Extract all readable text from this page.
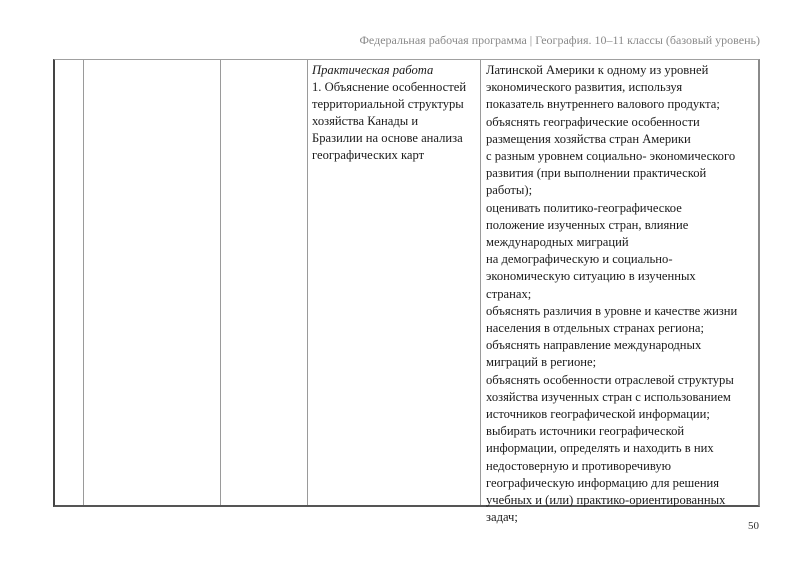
Федеральная рабочая программа | География. 10–11 классы (базовый уровень)
Практическая работа
1. Объяснение особенностей
территориальной структуры
хозяйства Канады и
Бразилии на основе анализа
географических карт
Латинской Америки к одному из уровней
экономического развития, используя
показатель внутреннего валового продукта;
объяснять географические особенности
размещения хозяйства стран Америки
с разным уровнем социально- экономического
развития (при выполнении практической
работы);
оценивать политико-географическое
положение изученных стран, влияние
международных миграций
на демографическую и социально-
экономическую ситуацию в изученных
странах;
объяснять различия в уровне и качестве жизни
населения в отдельных странах региона;
объяснять направление международных
миграций в регионе;
объяснять особенности отраслевой структуры
хозяйства изученных стран с использованием
источников географической информации;
выбирать источники географической
информации, определять и находить в них
недостоверную и противоречивую
географическую информацию для решения
учебных и (или) практико-ориентированных
задач;
50
